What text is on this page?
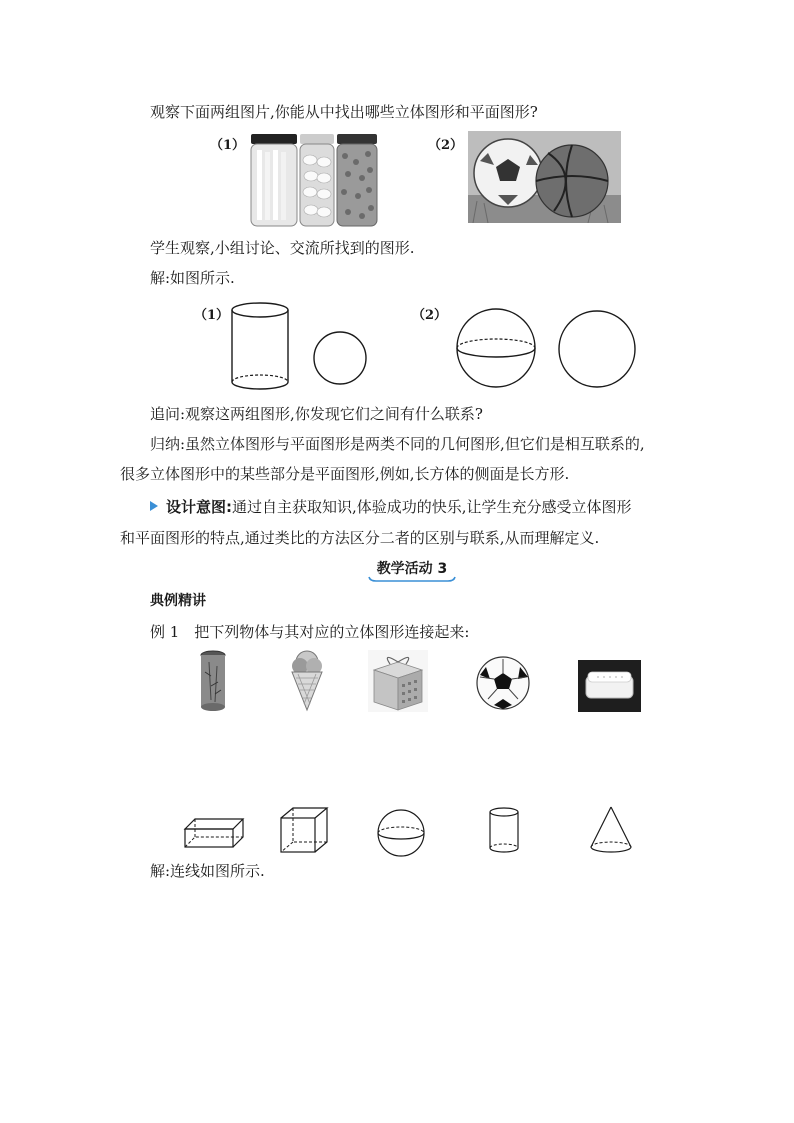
观察下面两组图片,你能从中找出哪些立体图形和平面图形?
（1）	（2）
学生观察,小组讨论、交流所找到的图形.
解:如图所示.
（1）	（2）
追问:观察这两组图形,你发现它们之间有什么联系?
归纳:虽然立体图形与平面图形是两类不同的几何图形,但它们是相互联系的,
很多立体图形中的某些部分是平面图形,例如,长方体的侧面是长方形.
设计意图:通过自主获取知识,体验成功的快乐,让学生充分感受立体图形
和平面图形的特点,通过类比的方法区分二者的区别与联系,从而理解定义.
教学活动 3
典例精讲
例 1　把下列物体与其对应的立体图形连接起来:
解:连线如图所示.
